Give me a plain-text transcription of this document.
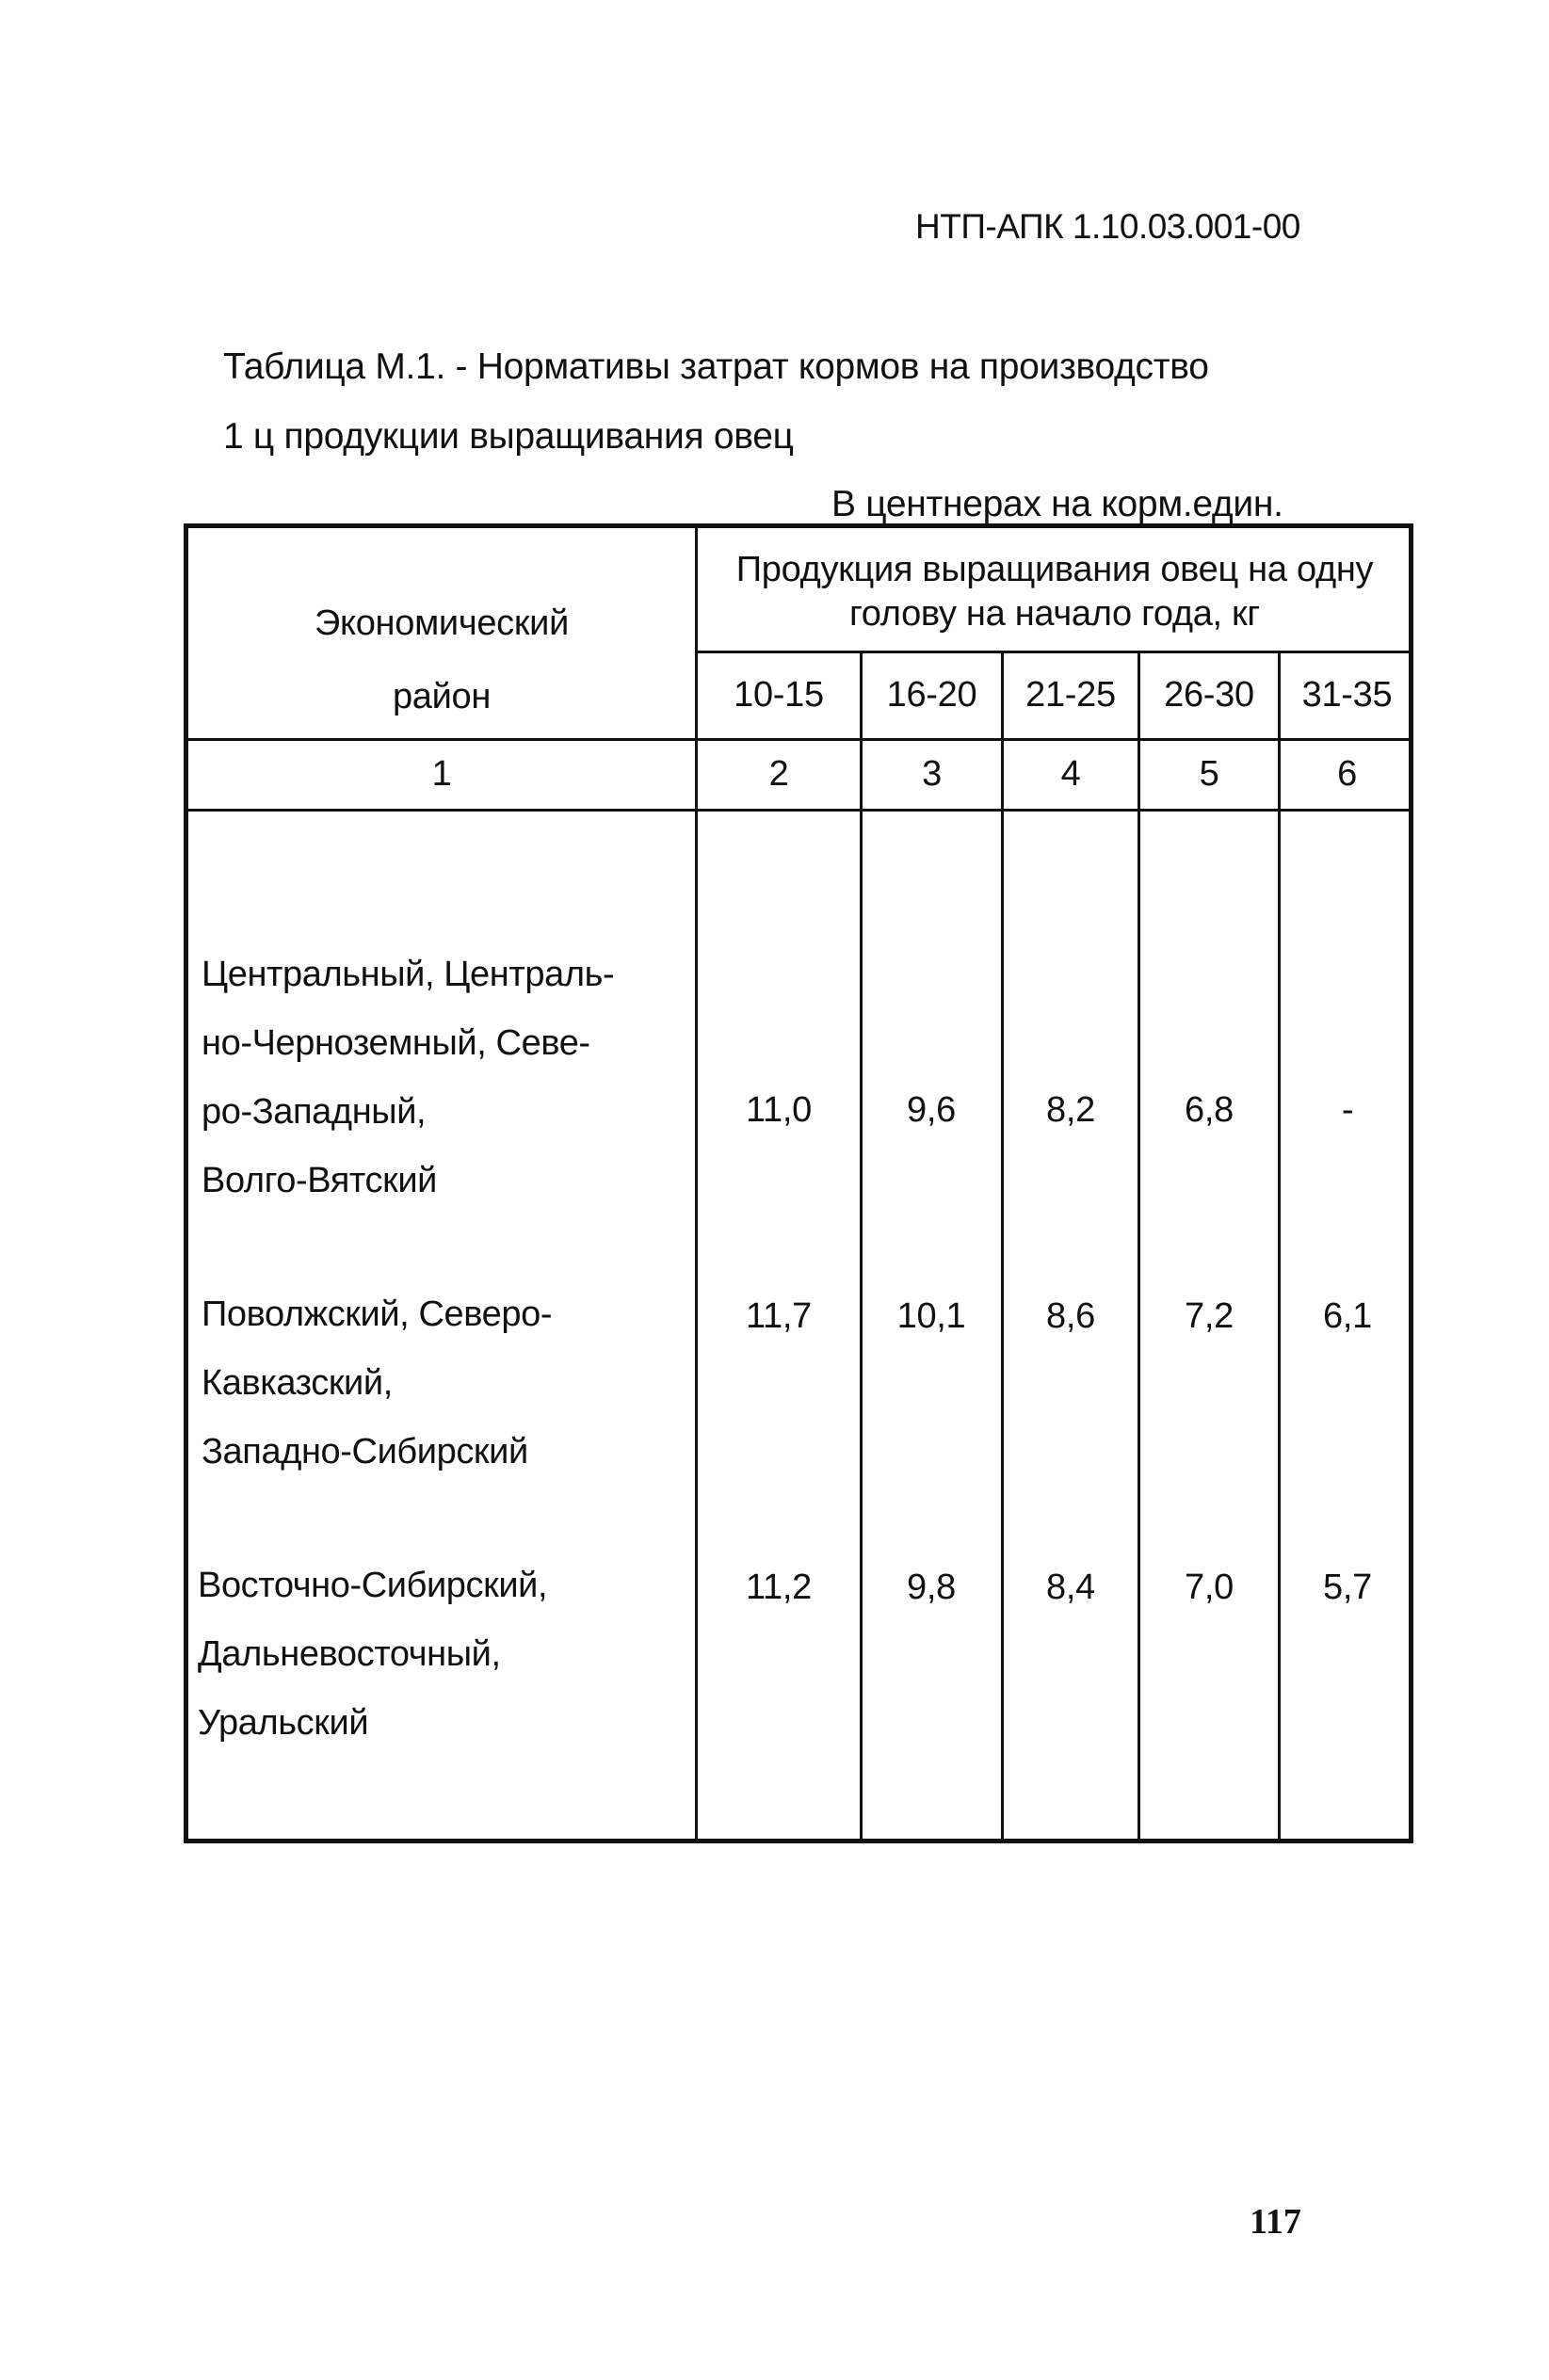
НТП-АПК 1.10.03.001-00
Таблица М.1. - Нормативы затрат кормов на производство
1 ц продукции выращивания овец
В центнерах на корм.един.
Экономический
район
Продукция выращивания овец на одну голову на начало года, кг
10-15	16-20	21-25	26-30	31-35
1	2	3	4	5	6
Центральный, Централь-
но-Черноземный, Севе-
ро-Западный,
Волго-Вятский
11,0	9,6	8,2	6,8	-
Поволжский, Северо-
Кавказский,
Западно-Сибирский
11,7	10,1	8,6	7,2	6,1
Восточно-Сибирский,
Дальневосточный,
Уральский
11,2	9,8	8,4	7,0	5,7
117
